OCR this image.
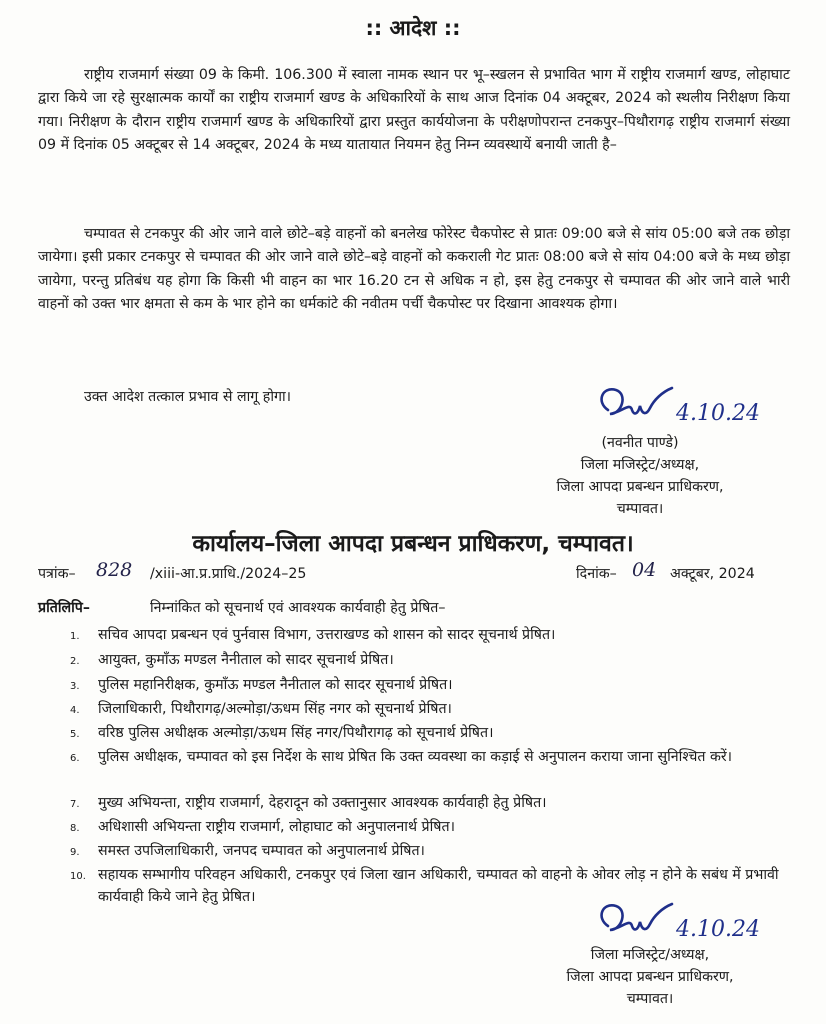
:: आदेश ::

राष्ट्रीय राजमार्ग संख्या 09 के किमी. 106.300 में स्वाला नामक स्थान पर भू–स्खलन से प्रभावित भाग में राष्ट्रीय राजमार्ग खण्ड, लोहाघाट द्वारा किये जा रहे सुरक्षात्मक कार्यों का राष्ट्रीय राजमार्ग खण्ड के अधिकारियों के साथ आज दिनांक 04 अक्टूबर, 2024 को स्थलीय निरीक्षण किया गया। निरीक्षण के दौरान राष्ट्रीय राजमार्ग खण्ड के अधिकारियों द्वारा प्रस्तुत कार्ययोजना के परीक्षणोपरान्त टनकपुर–पिथौरागढ़ राष्ट्रीय राजमार्ग संख्या 09 में दिनांक 05 अक्टूबर से 14 अक्टूबर, 2024 के मध्य यातायात नियमन हेतु निम्न व्यवस्थायें बनायी जाती है–

चम्पावत से टनकपुर की ओर जाने वाले छोटे–बड़े वाहनों को बनलेख फोरेस्ट चैकपोस्ट से प्रातः 09:00 बजे से सांय 05:00 बजे तक छोड़ा जायेगा। इसी प्रकार टनकपुर से चम्पावत की ओर जाने वाले छोटे–बड़े वाहनों को ककराली गेट प्रातः 08:00 बजे से सांय 04:00 बजे के मध्य छोड़ा जायेगा, परन्तु प्रतिबंध यह होगा कि किसी भी वाहन का भार 16.20 टन से अधिक न हो, इस हेतु टनकपुर से चम्पावत की ओर जाने वाले भारी वाहनों को उक्त भार क्षमता से कम के भार होने का धर्मकांटे की नवीतम पर्ची चैकपोस्ट पर दिखाना आवश्यक होगा।

उक्त आदेश तत्काल प्रभाव से लागू होगा।

4.10.24
(नवनीत पाण्डे)
जिला मजिस्ट्रेट/अध्यक्ष,
जिला आपदा प्रबन्धन प्राधिकरण,
चम्पावत।
कार्यालय–जिला आपदा प्रबन्धन प्राधिकरण, चम्पावत।
पत्रांक– 828 /xiii-आ.प्र.प्राधि./2024–25	दिनांक– 04 अक्टूबर, 2024
प्रतिलिपि–	निम्नांकित को सूचनार्थ एवं आवश्यक कार्यवाही हेतु प्रेषित–
1. सचिव आपदा प्रबन्धन एवं पुर्नवास विभाग, उत्तराखण्ड को शासन को सादर सूचनार्थ प्रेषित।
2. आयुक्त, कुमाँऊ मण्डल नैनीताल को सादर सूचनार्थ प्रेषित।
3. पुलिस महानिरीक्षक, कुमाँऊ मण्डल नैनीताल को सादर सूचनार्थ प्रेषित।
4. जिलाधिकारी, पिथौरागढ़/अल्मोड़ा/ऊधम सिंह नगर को सूचनार्थ प्रेषित।
5. वरिष्ठ पुलिस अधीक्षक अल्मोड़ा/ऊधम सिंह नगर/पिथौरागढ़ को सूचनार्थ प्रेषित।
6. पुलिस अधीक्षक, चम्पावत को इस निर्देश के साथ प्रेषित कि उक्त व्यवस्था का कड़ाई से अनुपालन कराया जाना सुनिश्चित करें।
7. मुख्य अभियन्ता, राष्ट्रीय राजमार्ग, देहरादून को उक्तानुसार आवश्यक कार्यवाही हेतु प्रेषित।
8. अधिशासी अभियन्ता राष्ट्रीय राजमार्ग, लोहाघाट को अनुपालनार्थ प्रेषित।
9. समस्त उपजिलाधिकारी, जनपद चम्पावत को अनुपालनार्थ प्रेषित।
10. सहायक सम्भागीय परिवहन अधिकारी, टनकपुर एवं जिला खान अधिकारी, चम्पावत को वाहनो के ओवर लोड़ न होने के सबंध में प्रभावी कार्यवाही किये जाने हेतु प्रेषित।
4.10.24
जिला मजिस्ट्रेट/अध्यक्ष,
जिला आपदा प्रबन्धन प्राधिकरण,
चम्पावत।
